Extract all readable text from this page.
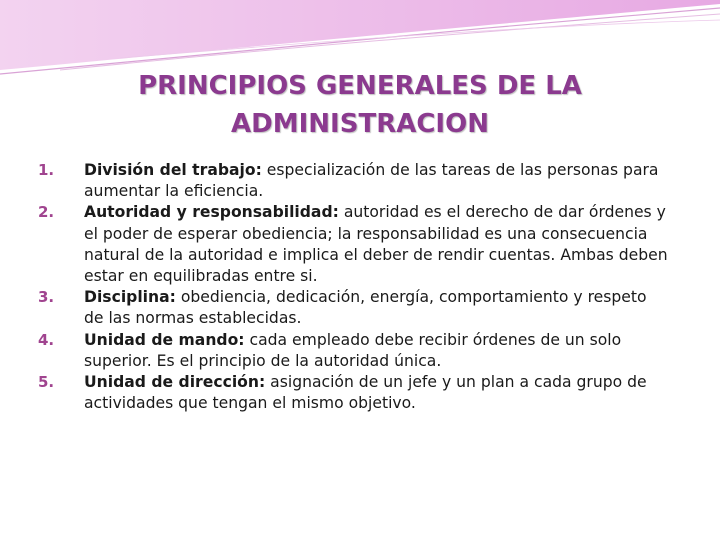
PRINCIPIOS GENERALES DE LA
ADMINISTRACION
1.	División del trabajo: especialización de las tareas de las personas para aumentar la eficiencia.
2.	Autoridad y responsabilidad: autoridad es el derecho de dar órdenes y el poder de esperar obediencia; la responsabilidad es una consecuencia natural de la autoridad e implica el deber de rendir cuentas. Ambas deben estar en equilibradas entre si.
3.	Disciplina: obediencia, dedicación, energía, comportamiento y respeto de las normas establecidas.
4.	Unidad de mando: cada empleado debe recibir órdenes de un solo superior. Es el principio de la autoridad única.
5.	Unidad de dirección: asignación de un jefe y un plan a cada grupo de actividades que tengan el mismo objetivo.
